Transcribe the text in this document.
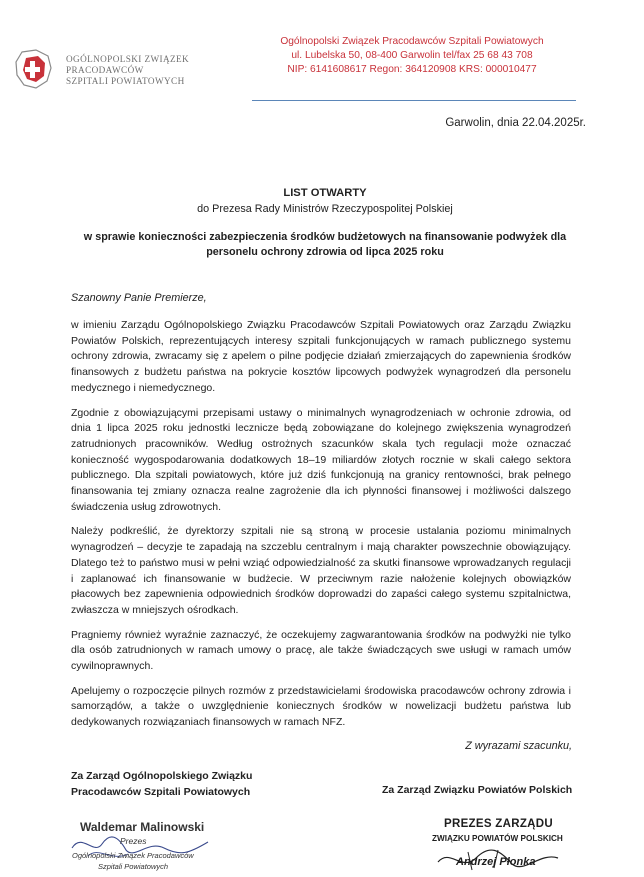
OGÓLNOPOLSKI ZWIĄZEK
PRACODAWCÓW
SZPITALI POWIATOWYCH
Ogólnopolski Związek Pracodawców Szpitali Powiatowych
ul. Lubelska 50, 08-400 Garwolin tel/fax 25 68 43 708
NIP: 6141608617 Regon: 364120908 KRS: 000010477
Garwolin, dnia 22.04.2025r.
LIST OTWARTY
do Prezesa Rady Ministrów Rzeczypospolitej Polskiej
w sprawie konieczności zabezpieczenia środków budżetowych na finansowanie podwyżek dla
personelu ochrony zdrowia od lipca 2025 roku
Szanowny Panie Premierze,

w imieniu Zarządu Ogólnopolskiego Związku Pracodawców Szpitali Powiatowych oraz Zarządu Związku Powiatów Polskich, reprezentujących interesy szpitali funkcjonujących w ramach publicznego systemu ochrony zdrowia, zwracamy się z apelem o pilne podjęcie działań zmierzających do zapewnienia środków finansowych z budżetu państwa na pokrycie kosztów lipcowych podwyżek wynagrodzeń dla personelu medycznego i niemedycznego.

Zgodnie z obowiązującymi przepisami ustawy o minimalnych wynagrodzeniach w ochronie zdrowia, od dnia 1 lipca 2025 roku jednostki lecznicze będą zobowiązane do kolejnego zwiększenia wynagrodzeń zatrudnionych pracowników. Według ostrożnych szacunków skala tych regulacji może oznaczać konieczność wygospodarowania dodatkowych 18–19 miliardów złotych rocznie w skali całego sektora publicznego. Dla szpitali powiatowych, które już dziś funkcjonują na granicy rentowności, brak pełnego finansowania tej zmiany oznacza realne zagrożenie dla ich płynności finansowej i możliwości dalszego świadczenia usług zdrowotnych.

Należy podkreślić, że dyrektorzy szpitali nie są stroną w procesie ustalania poziomu minimalnych wynagrodzeń – decyzje te zapadają na szczeblu centralnym i mają charakter powszechnie obowiązujący. Dlatego też to państwo musi w pełni wziąć odpowiedzialność za skutki finansowe wprowadzanych regulacji i zaplanować ich finansowanie w budżecie. W przeciwnym razie nałożenie kolejnych obowiązków płacowych bez zapewnienia odpowiednich środków doprowadzi do zapaści całego systemu szpitalnictwa, zwłaszcza w mniejszych ośrodkach.

Pragniemy również wyraźnie zaznaczyć, że oczekujemy zagwarantowania środków na podwyżki nie tylko dla osób zatrudnionych w ramach umowy o pracę, ale także świadczących swe usługi w ramach umów cywilnoprawnych.

Apelujemy o rozpoczęcie pilnych rozmów z przedstawicielami środowiska pracodawców ochrony zdrowia i samorządów, a także o uwzględnienie koniecznych środków w nowelizacji budżetu państwa lub dedykowanych rozwiązaniach finansowych w ramach NFZ.

Z wyrazami szacunku,
Za Zarząd Ogólnopolskiego Związku
Pracodawców Szpitali Powiatowych	Za Zarząd Związku Powiatów Polskich
Waldemar Malinowski
Prezes
Ogólnopolski Związek Pracodawców
Szpitali Powiatowych
PREZES ZARZĄDU
ZWIĄZKU POWIATÓW POLSKICH
Andrzej Płonka
